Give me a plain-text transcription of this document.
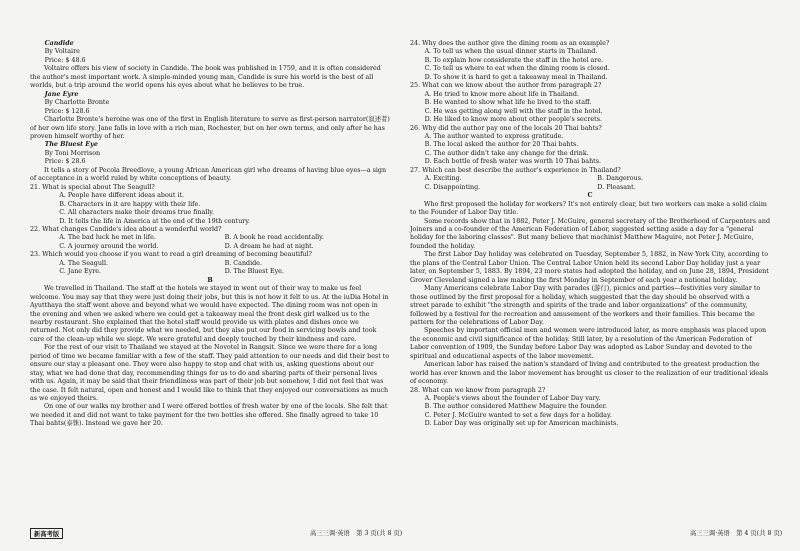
Candide

By Voltaire

Price: $ 48.6

Voltaire offers his view of society in Candide. The book was published in 1759, and it is often considered the author's most important work. A simple-minded young man, Candide is sure his world is the best of all worlds, but a trip around the world opens his eyes about what he believes to be true.

Jane Eyre

By Charlotte Bronte

Price: $ 128.6

Charlotte Bronte's heroine was one of the first in English literature to serve as first-person narrator(叙述者) of her own life story. Jane falls in love with a rich man, Rochester, but on her own terms, and only after he has proven himself worthy of her.

The Bluest Eye

By Toni Morrison

Price: $ 28.6

It tells a story of Pecola Breedlove, a young African American girl who dreams of having blue eyes—a sign of acceptance in a world ruled by white conceptions of beauty.

21. What is special about The Seagull?

A. People have different ideas about it.

B. Characters in it are happy with their life.

C. All characters make their dreams true finally.

D. It tells the life in America at the end of the 19th century.

22. What changes Candide's idea about a wonderful world?

A. The bad luck he met in life.	B. A book he read accidentally.
C. A journey around the world.	D. A dream he had at night.

23. Which would you choose if you want to read a girl dreaming of becoming beautiful?

A. The Seagull.	B. Candide.
C. Jane Eyre.	D. The Bluest Eye.

B

We travelled in Thailand. The staff at the hotels we stayed in went out of their way to make us feel welcome. You may say that they were just doing their jobs, but this is not how it felt to us. At the iuDia Hotel in Ayutthaya the staff went above and beyond what we would have expected. The dining room was not open in the evening and when we asked where we could get a takeaway meal the front desk girl walked us to the nearby restaurant. She explained that the hotel staff would provide us with plates and dishes once we returned. Not only did they provide what we needed, but they also put our food in servicing bowls and took care of the clean-up while we slept. We were grateful and deeply touched by their kindness and care.

For the rest of our visit to Thailand we stayed at the Novotel in Rangsit. Since we were there for a long period of time we became familiar with a few of the staff. They paid attention to our needs and did their best to ensure our stay a pleasant one. They were also happy to stop and chat with us, asking questions about our stay, what we had done that day, recommending things for us to do and sharing parts of their personal lives with us. Again, it may be said that their friendliness was part of their job but somehow, I did not feel that was the case. It felt natural, open and honest and I would like to think that they enjoyed our conversations as much as we enjoyed theirs.

On one of our walks my brother and I were offered bottles of fresh water by one of the locals. She felt that we needed it and did not want to take payment for the two bottles she offered. She finally agreed to take 10 Thai bahts(泰铢). Instead we gave her 20.

24. Why does the author give the dining room as an example?

A. To tell us when the usual dinner starts in Thailand.

B. To explain how considerate the staff in the hotel are.

C. To tell us where to eat when the dining room is closed.

D. To show it is hard to get a takeaway meal in Thailand.

25. What can we know about the author from paragraph 2?

A. He tried to know more about life in Thailand.

B. He wanted to show what life he lived to the staff.

C. He was getting along well with the staff in the hotel.

D. He liked to know more about other people's secrets.

26. Why did the author pay one of the locals 20 Thai bahts?

A. The author wanted to express gratitude.

B. The local asked the author for 20 Thai bahts.

C. The author didn't take any change for the drink.

D. Each bottle of fresh water was worth 10 Thai bahts.

27. Which can best describe the author's experience in Thailand?

A. Exciting.	B. Dangerous.
C. Disappointing.	D. Pleasant.

C

Who first proposed the holiday for workers? It's not entirely clear, but two workers can make a solid claim to the Founder of Labor Day title.

Some records show that in 1882, Peter J. McGuire, general secretary of the Brotherhood of Carpenters and Joiners and a co-founder of the American Federation of Labor, suggested setting aside a day for a "general holiday for the laboring classes". But many believe that machinist Matthew Maguire, not Peter J. McGuire, founded the holiday.

The first Labor Day holiday was celebrated on Tuesday, September 5, 1882, in New York City, according to the plans of the Central Labor Union. The Central Labor Union held its second Labor Day holiday just a year later, on September 5, 1883. By 1894, 23 more states had adopted the holiday, and on June 28, 1894, President Grover Cleveland signed a law making the first Monday in September of each year a national holiday.

Many Americans celebrate Labor Day with parades (游行), picnics and parties—festivities very similar to those outlined by the first proposal for a holiday, which suggested that the day should be observed with a street parade to exhibit "the strength and spirits of the trade and labor organizations" of the community, followed by a festival for the recreation and amusement of the workers and their families. This became the pattern for the celebrations of Labor Day.

Speeches by important official men and women were introduced later, as more emphasis was placed upon the economic and civil significance of the holiday. Still later, by a resolution of the American Federation of Labor convention of 1909, the Sunday before Labor Day was adopted as Labor Sunday and devoted to the spiritual and educational aspects of the labor movement.

American labor has raised the nation's standard of living and contributed to the greatest production the world has ever known and the labor movement has brought us closer to the realization of our traditional ideals of economy.

28. What can we know from paragraph 2?

A. People's views about the founder of Labor Day vary.

B. The author considered Matthew Maguire the founder.

C. Peter J. McGuire wanted to set a few days for a holiday.

D. Labor Day was originally set up for American machinists.

新高考版	高三三调·英语　第 3 页(共 8 页)	高三三调·英语　第 4 页(共 8 页)
